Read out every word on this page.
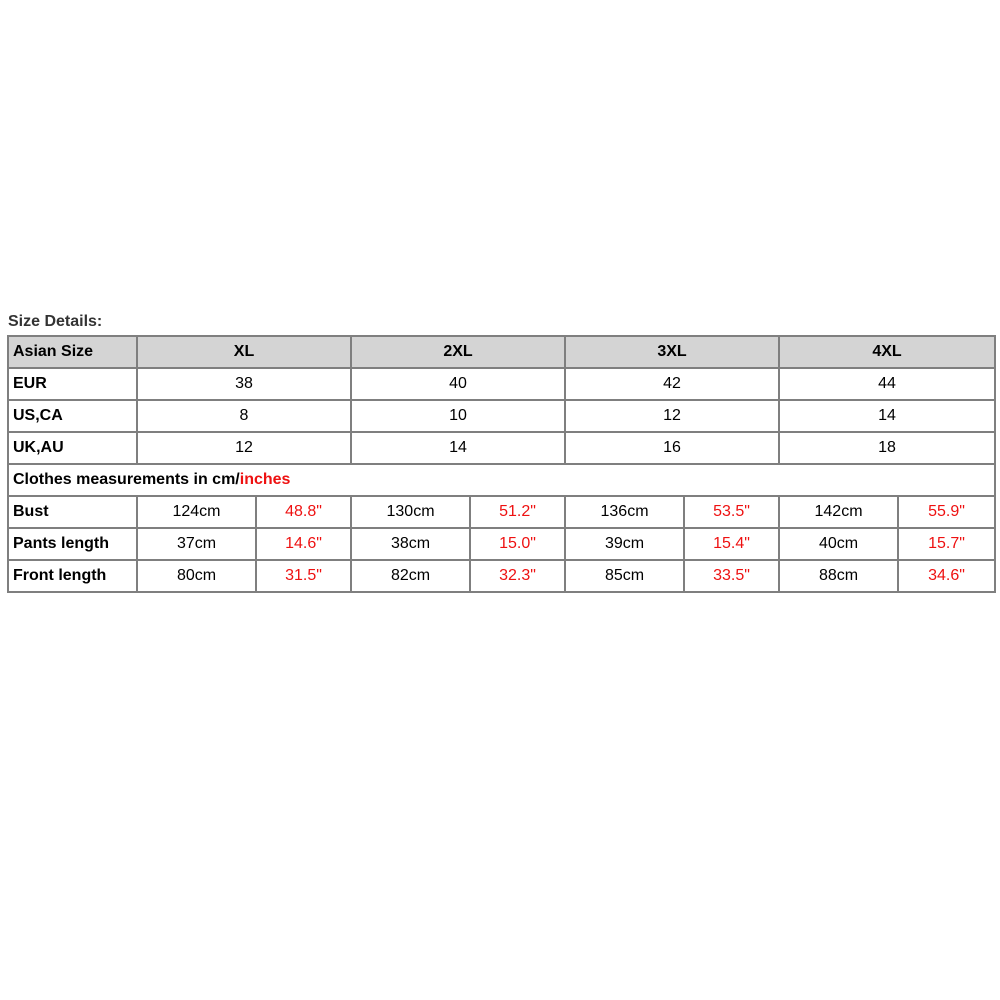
Size Details:
Asian Size	XL		2XL		3XL		4XL	
EUR	38		40		42		44	
US,CA	8		10		12		14	
UK,AU	12		14		16		18	
Clothes measurements in cm/inches								
Bust	124cm	48.8"	130cm	51.2"	136cm	53.5"	142cm	55.9"
Pants length	37cm	14.6"	38cm	15.0"	39cm	15.4"	40cm	15.7"
Front length	80cm	31.5"	82cm	32.3"	85cm	33.5"	88cm	34.6"
